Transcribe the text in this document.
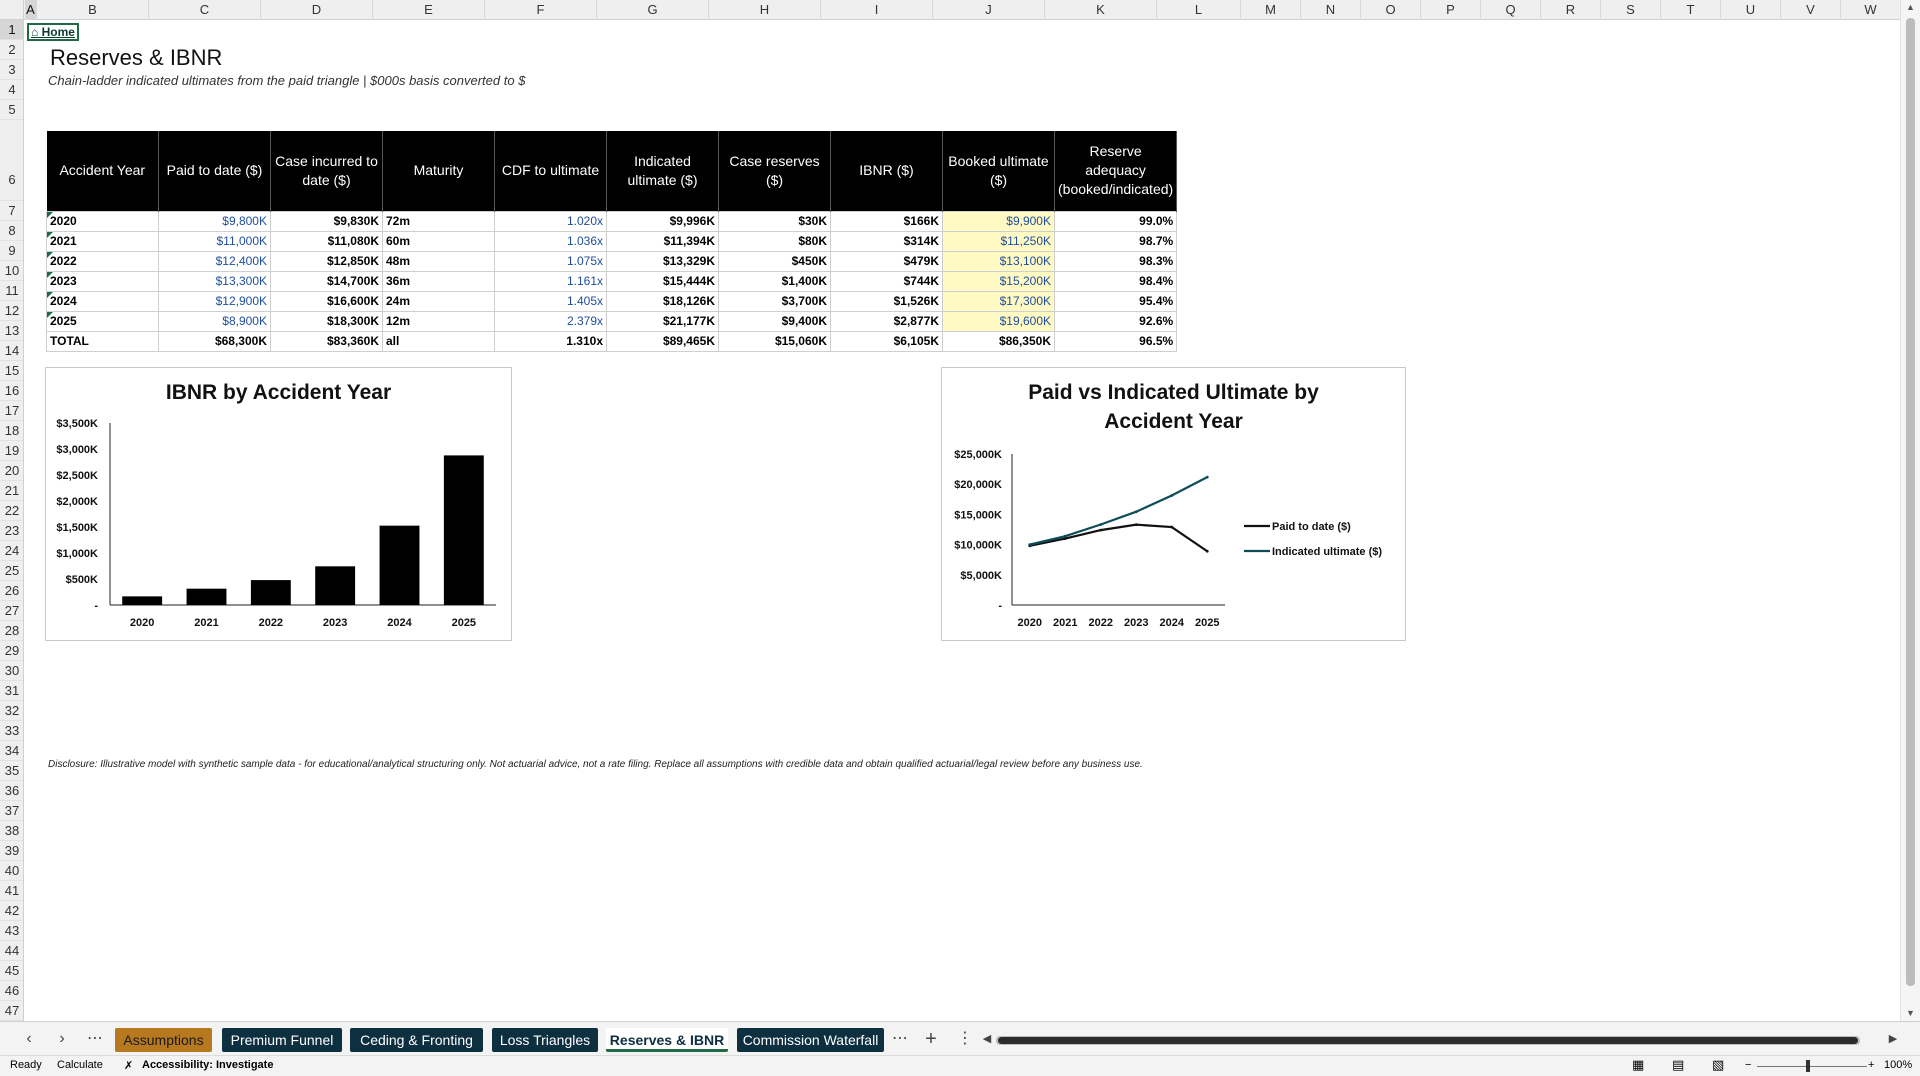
A	B	C	D	E	F	G	H	I	J	K	L	M	N	O	P	Q	R	S	T	U	V	W
1
2
3
4
5
6
7
8
9
10
11
12
13
14
15
16
17
18
19
20
21
22
23
24
25
26
27
28
29
30
31
32
33
34
35
36
37
38
39
40
41
42
43
44
45
46
47
⌂ Home
Reserves & IBNR
Chain-ladder indicated ultimates from the paid triangle | $000s basis converted to $
Accident Year	Paid to date ($)	Case incurred to date ($)	Maturity	CDF to ultimate	Indicated ultimate ($)	Case reserves ($)	IBNR ($)	Booked ultimate ($)	Reserve adequacy (booked/indicated)
2020	$9,800K	$9,830K	72m	1.020x	$9,996K	$30K	$166K	$9,900K	99.0%
2021	$11,000K	$11,080K	60m	1.036x	$11,394K	$80K	$314K	$11,250K	98.7%
2022	$12,400K	$12,850K	48m	1.075x	$13,329K	$450K	$479K	$13,100K	98.3%
2023	$13,300K	$14,700K	36m	1.161x	$15,444K	$1,400K	$744K	$15,200K	98.4%
2024	$12,900K	$16,600K	24m	1.405x	$18,126K	$3,700K	$1,526K	$17,300K	95.4%
2025	$8,900K	$18,300K	12m	2.379x	$21,177K	$9,400K	$2,877K	$19,600K	92.6%
TOTAL	$68,300K	$83,360K	all	1.310x	$89,465K	$15,060K	$6,105K	$86,350K	96.5%
IBNR by Accident Year
-
$500K
$1,000K
$1,500K
$2,000K
$2,500K
$3,000K
$3,500K
2020	2021	2022	2023	2024	2025
Paid vs Indicated Ultimate by Accident Year
-
$5,000K
$10,000K
$15,000K
$20,000K
$25,000K
2020 2021 2022 2023 2024 2025
Paid to date ($)
Indicated ultimate ($)
Disclosure: Illustrative model with synthetic sample data - for educational/analytical structuring only. Not actuarial advice, not a rate filing. Replace all assumptions with credible data and obtain qualified actuarial/legal review before any business use.
▲
▼
‹	›	⋯	Assumptions	Premium Funnel	Ceding & Fronting	Loss Triangles	Reserves & IBNR	Commission Waterfall ⋯ +	⋮ ◀	▶
Ready Calculate ✗ Accessibility: Investigate	▦ ▤ ▧ −	+ 100%
